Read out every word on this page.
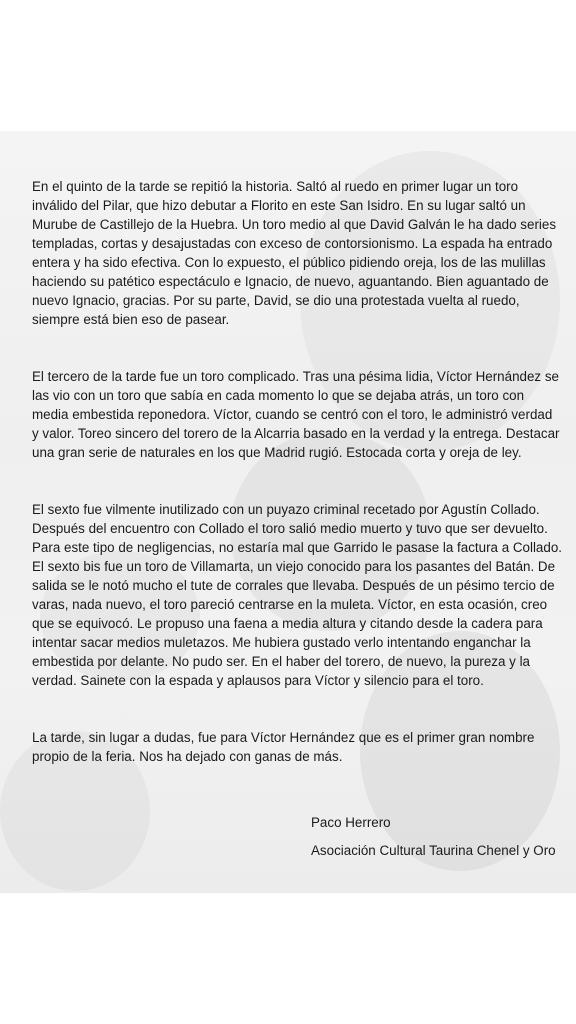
En el quinto de la tarde se repitió la historia. Saltó al ruedo en primer lugar un toro inválido del Pilar, que hizo debutar a Florito en este San Isidro. En su lugar saltó un Murube de Castillejo de la Huebra. Un toro medio al que David Galván le ha dado series templadas, cortas y desajustadas con exceso de contorsionismo. La espada ha entrado entera y ha sido efectiva. Con lo expuesto, el público pidiendo oreja, los de las mulillas haciendo su patético espectáculo e Ignacio, de nuevo, aguantando. Bien aguantado de nuevo Ignacio, gracias. Por su parte, David, se dio una protestada vuelta al ruedo, siempre está bien eso de pasear.

El tercero de la tarde fue un toro complicado. Tras una pésima lidia, Víctor Hernández se las vio con un toro que sabía en cada momento lo que se dejaba atrás, un toro con media embestida reponedora. Víctor, cuando se centró con el toro, le administró verdad y valor. Toreo sincero del torero de la Alcarria basado en la verdad y la entrega. Destacar una gran serie de naturales en los que Madrid rugió. Estocada corta y oreja de ley.

El sexto fue vilmente inutilizado con un puyazo criminal recetado por Agustín Collado. Después del encuentro con Collado el toro salió medio muerto y tuvo que ser devuelto. Para este tipo de negligencias, no estaría mal que Garrido le pasase la factura a Collado. El sexto bis fue un toro de Villamarta, un viejo conocido para los pasantes del Batán. De salida se le notó mucho el tute de corrales que llevaba. Después de un pésimo tercio de varas, nada nuevo, el toro pareció centrarse en la muleta. Víctor, en esta ocasión, creo que se equivocó. Le propuso una faena a media altura y citando desde la cadera para intentar sacar medios muletazos. Me hubiera gustado verlo intentando enganchar la embestida por delante. No pudo ser. En el haber del torero, de nuevo, la pureza y la verdad. Sainete con la espada y aplausos para Víctor y silencio para el toro.

La tarde, sin lugar a dudas, fue para Víctor Hernández que es el primer gran nombre propio de la feria. Nos ha dejado con ganas de más.

Paco Herrero
Asociación Cultural Taurina Chenel y Oro
